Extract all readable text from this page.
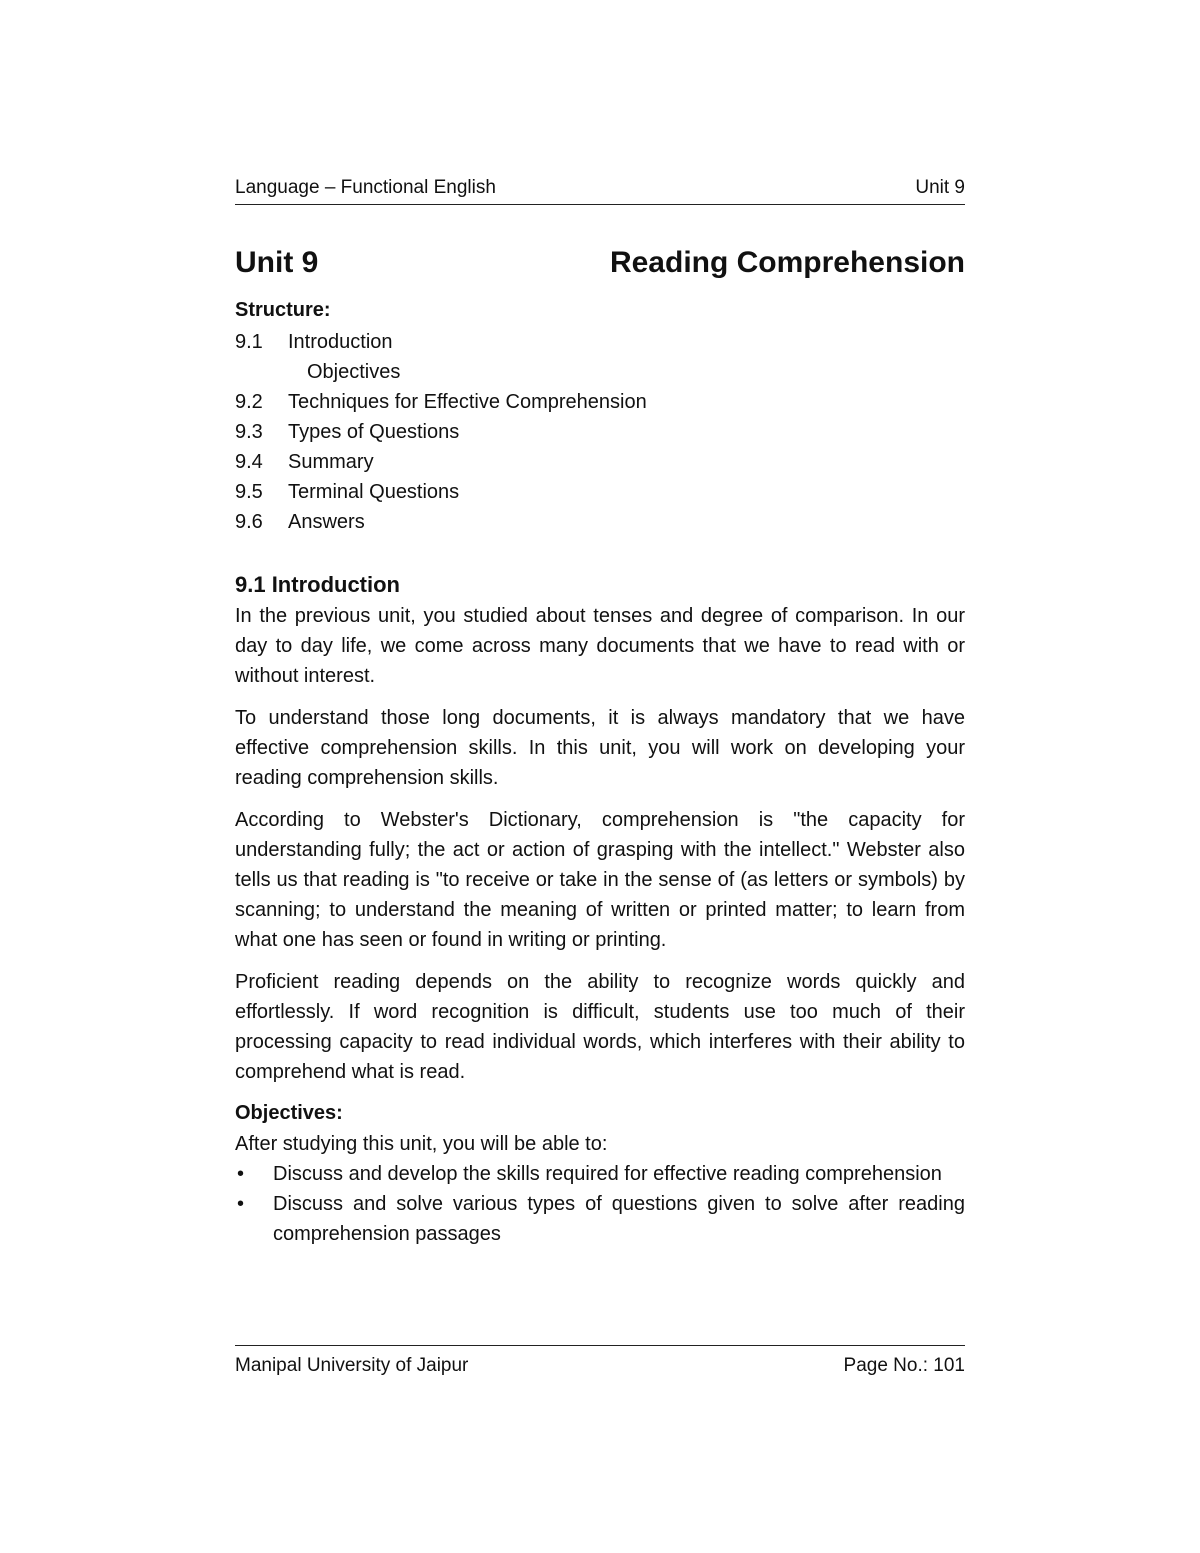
Language – Functional English	Unit 9
Unit 9	Reading Comprehension
Structure:
9.1	Introduction
Objectives
9.2	Techniques for Effective Comprehension
9.3	Types of Questions
9.4	Summary
9.5	Terminal Questions
9.6	Answers
9.1 Introduction

In the previous unit, you studied about tenses and degree of comparison. In our day to day life, we come across many documents that we have to read with or without interest.

To understand those long documents, it is always mandatory that we have effective comprehension skills. In this unit, you will work on developing your reading comprehension skills.

According to Webster's Dictionary, comprehension is "the capacity for understanding fully; the act or action of grasping with the intellect." Webster also tells us that reading is "to receive or take in the sense of (as letters or symbols) by scanning; to understand the meaning of written or printed matter; to learn from what one has seen or found in writing or printing.

Proficient reading depends on the ability to recognize words quickly and effortlessly. If word recognition is difficult, students use too much of their processing capacity to read individual words, which interferes with their ability to comprehend what is read.

Objectives:
After studying this unit, you will be able to:
•	Discuss and develop the skills required for effective reading comprehension
•	Discuss and solve various types of questions given to solve after reading comprehension passages
Manipal University of Jaipur	Page No.: 101
